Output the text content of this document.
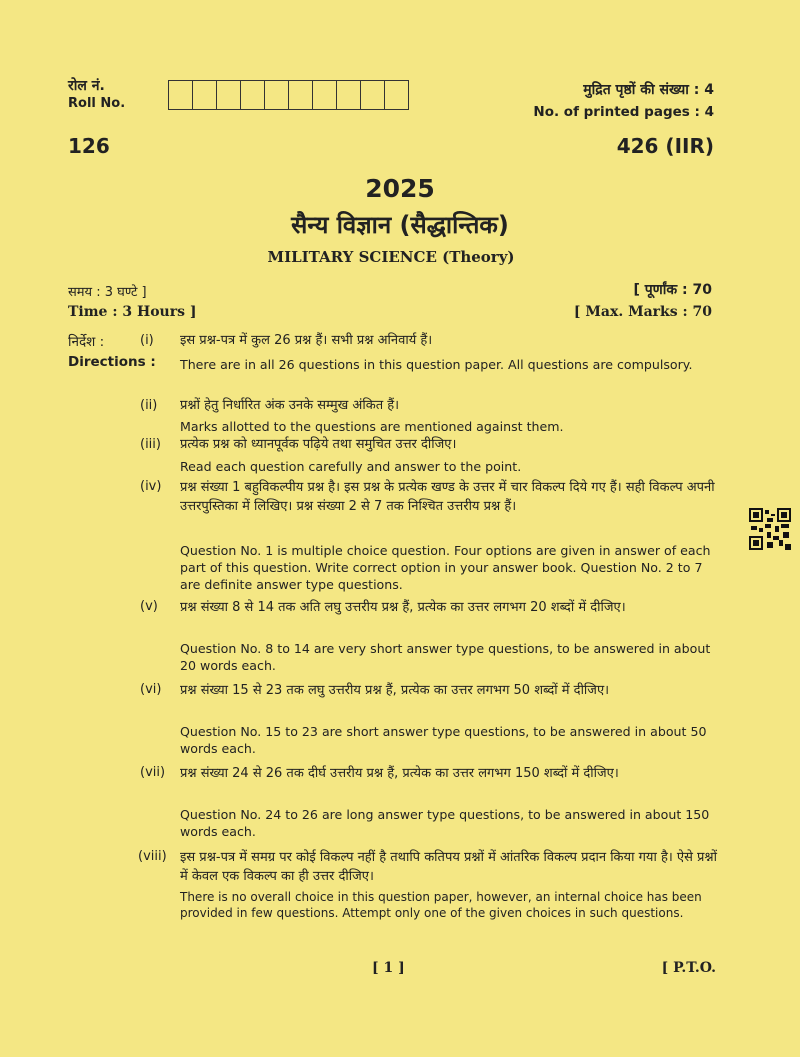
रोल नं.
Roll No.
मुद्रित पृष्ठों की संख्या : 4
No. of printed pages : 4
126	426 (IIR)
2025
सैन्य विज्ञान (सैद्धान्तिक)
MILITARY SCIENCE (Theory)
समय : 3 घण्टे ]	[ पूर्णांक : 70
Time : 3 Hours ]	[ Max. Marks : 70
निर्देश :
Directions :
(i) इस प्रश्न-पत्र में कुल 26 प्रश्न हैं। सभी प्रश्न अनिवार्य हैं।
There are in all 26 questions in this question paper. All questions are compulsory.
(ii) प्रश्नों हेतु निर्धारित अंक उनके सम्मुख अंकित हैं।
Marks allotted to the questions are mentioned against them.
(iii) प्रत्येक प्रश्न को ध्यानपूर्वक पढ़िये तथा समुचित उत्तर दीजिए।
Read each question carefully and answer to the point.
(iv) प्रश्न संख्या 1 बहुविकल्पीय प्रश्न है। इस प्रश्न के प्रत्येक खण्ड के उत्तर में चार विकल्प दिये गए हैं। सही विकल्प अपनी उत्तरपुस्तिका में लिखिए। प्रश्न संख्या 2 से 7 तक निश्चित उत्तरीय प्रश्न हैं।
Question No. 1 is multiple choice question. Four options are given in answer of each part of this question. Write correct option in your answer book. Question No. 2 to 7 are definite answer type questions.
(v) प्रश्न संख्या 8 से 14 तक अति लघु उत्तरीय प्रश्न हैं, प्रत्येक का उत्तर लगभग 20 शब्दों में दीजिए।
Question No. 8 to 14 are very short answer type questions, to be answered in about 20 words each.
(vi) प्रश्न संख्या 15 से 23 तक लघु उत्तरीय प्रश्न हैं, प्रत्येक का उत्तर लगभग 50 शब्दों में दीजिए।
Question No. 15 to 23 are short answer type questions, to be answered in about 50 words each.
(vii) प्रश्न संख्या 24 से 26 तक दीर्घ उत्तरीय प्रश्न हैं, प्रत्येक का उत्तर लगभग 150 शब्दों में दीजिए।
Question No. 24 to 26 are long answer type questions, to be answered in about 150 words each.
(viii) इस प्रश्न-पत्र में समग्र पर कोई विकल्प नहीं है तथापि कतिपय प्रश्नों में आंतरिक विकल्प प्रदान किया गया है। ऐसे प्रश्नों में केवल एक विकल्प का ही उत्तर दीजिए।
There is no overall choice in this question paper, however, an internal choice has been provided in few questions. Attempt only one of the given choices in such questions.
[ 1 ]	[ P.T.O.
